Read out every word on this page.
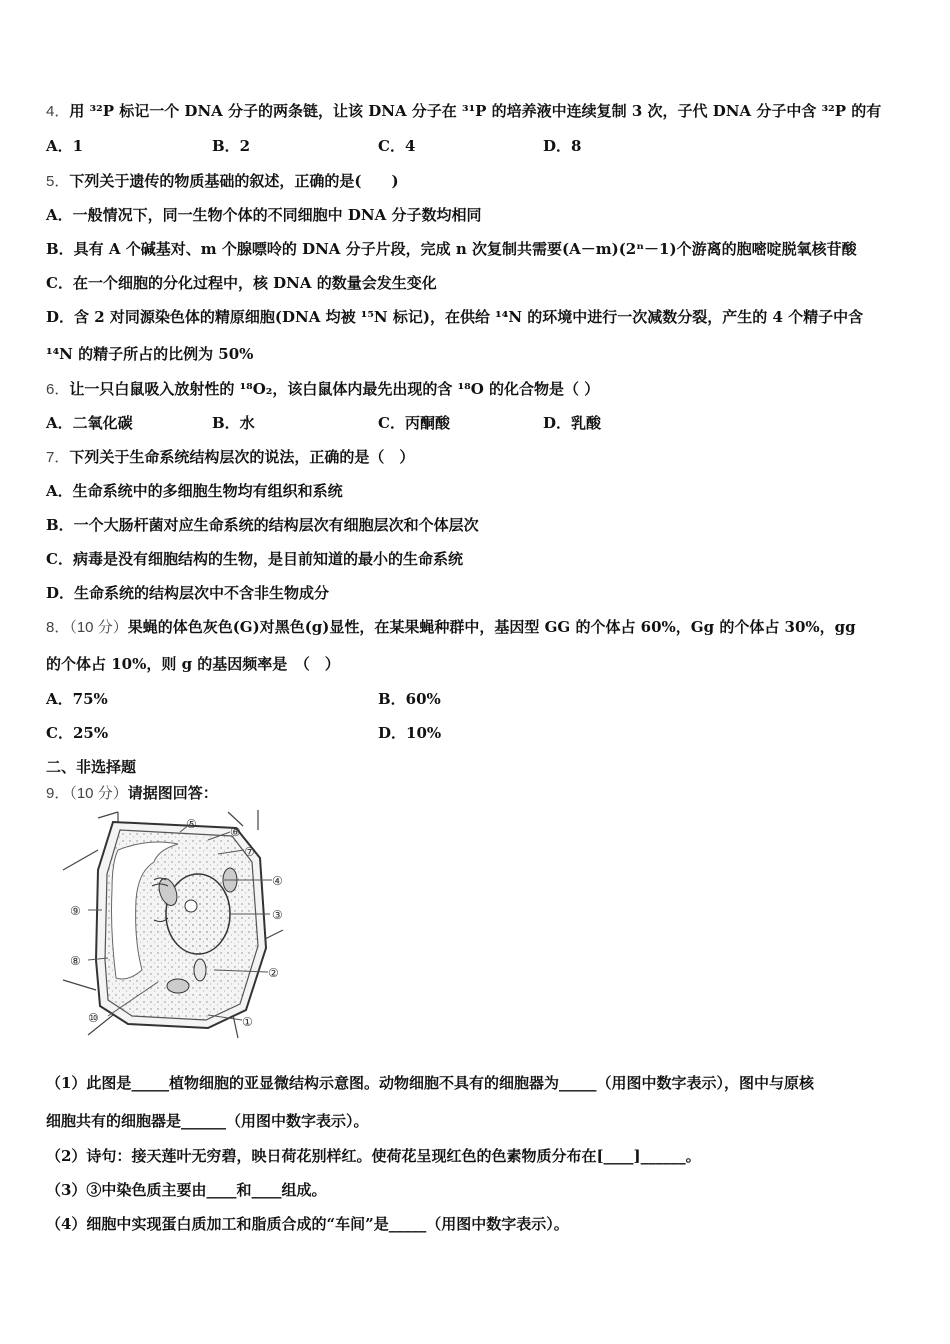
4．用 ³²P 标记一个 DNA 分子的两条链，让该 DNA 分子在 ³¹P 的培养液中连续复制 3 次，子代 DNA 分子中含 ³²P 的有
A．1	B．2	C．4	D．8
5．下列关于遗传的物质基础的叙述，正确的是(　　)
A．一般情况下，同一生物个体的不同细胞中 DNA 分子数均相同
B．具有 A 个碱基对、m 个腺嘌呤的 DNA 分子片段，完成 n 次复制共需要(A－m)(2ⁿ－1)个游离的胞嘧啶脱氧核苷酸
C．在一个细胞的分化过程中，核 DNA 的数量会发生变化
D．含 2 对同源染色体的精原细胞(DNA 均被 ¹⁵N 标记)，在供给 ¹⁴N 的环境中进行一次减数分裂，产生的 4 个精子中含
¹⁴N 的精子所占的比例为 50%
6．让一只白鼠吸入放射性的 ¹⁸O₂，该白鼠体内最先出现的含 ¹⁸O 的化合物是（ ）
A．二氧化碳	B．水	C．丙酮酸	D．乳酸
7．下列关于生命系统结构层次的说法，正确的是（　）
A．生命系统中的多细胞生物均有组织和系统
B．一个大肠杆菌对应生命系统的结构层次有细胞层次和个体层次
C．病毒是没有细胞结构的生物，是目前知道的最小的生命系统
D．生命系统的结构层次中不含非生物成分
8．（10 分）果蝇的体色灰色(G)对黑色(g)显性，在某果蝇种群中，基因型 GG 的个体占 60%，Gg 的个体占 30%，gg
的个体占 10%，则 g 的基因频率是　（　）
A．75%	B．60%
C．25%	D．10%
二、非选择题
9．（10 分）请据图回答：
⑤
⑥
⑦
④
③
②
①
⑨
⑧
⑩
（1）此图是_____植物细胞的亚显微结构示意图。动物细胞不具有的细胞器为_____（用图中数字表示），图中与原核
细胞共有的细胞器是______（用图中数字表示）。
（2）诗句：接天莲叶无穷碧，映日荷花别样红。使荷花呈现红色的色素物质分布在[____]______。
（3）③中染色质主要由____和____组成。
（4）细胞中实现蛋白质加工和脂质合成的“车间”是_____（用图中数字表示）。
